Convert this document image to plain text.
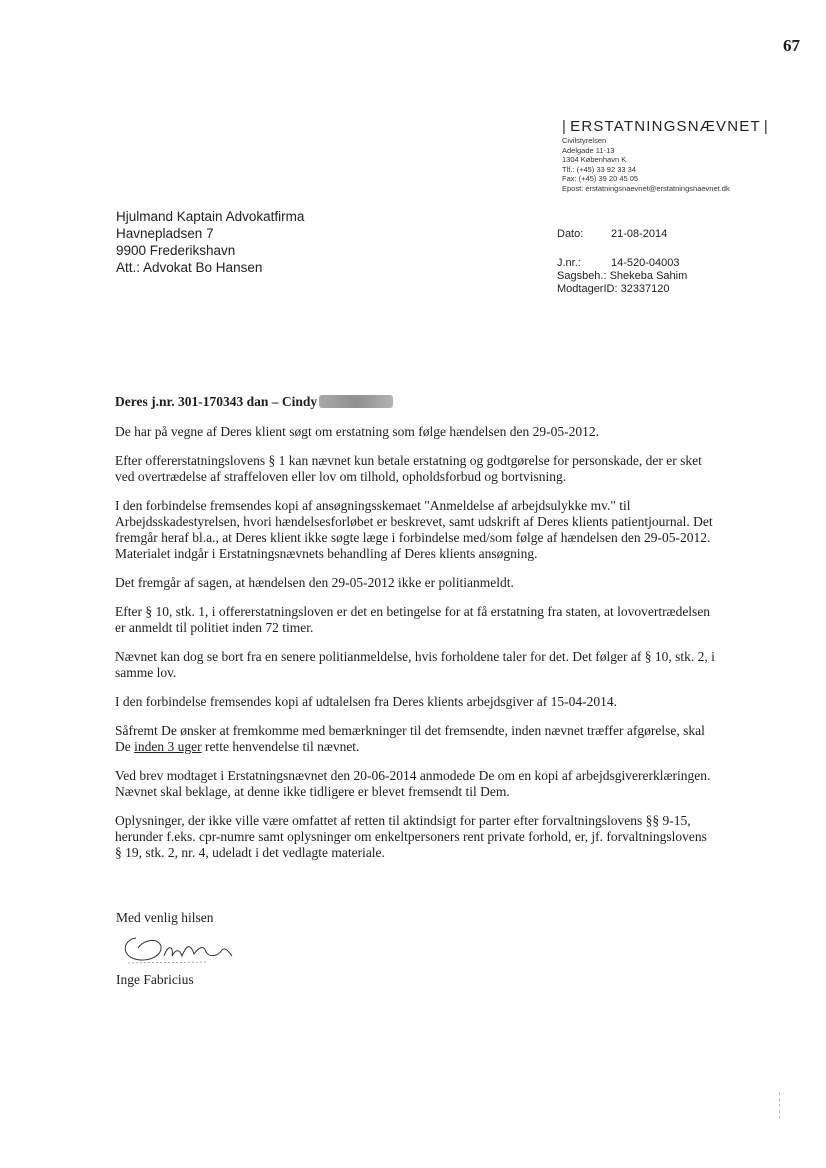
67
| ERSTATNINGSNÆVNET |
Civilstyrelsen
Adelgade 11-13
1304 København K
Tlf.: (+45) 33 92 33 34
Fax: (+45) 39 20 45 05
Epost: erstatningsnaevnet@erstatningsnaevnet.dk
Hjulmand Kaptain Advokatfirma
Havnepladsen 7
9900 Frederikshavn
Att.: Advokat Bo Hansen
Dato:	21-08-2014
J.nr.:	14-520-04003
Sagsbeh.: Shekeba Sahim
ModtagerID: 32337120
Deres j.nr. 301-170343 dan – Cindy

De har på vegne af Deres klient søgt om erstatning som følge hændelsen den 29-05-2012.

Efter offererstatningslovens § 1 kan nævnet kun betale erstatning og godtgørelse for personskade, der er sket ved overtrædelse af straffeloven eller lov om tilhold, opholdsforbud og bortvisning.

I den forbindelse fremsendes kopi af ansøgningsskemaet "Anmeldelse af arbejdsulykke mv." til Arbejdsskadestyrelsen, hvori hændelsesforløbet er beskrevet, samt udskrift af Deres klients patientjournal. Det fremgår heraf bl.a., at Deres klient ikke søgte læge i forbindelse med/som følge af hændelsen den 29-05-2012. Materialet indgår i Erstatningsnævnets behandling af Deres klients ansøgning.

Det fremgår af sagen, at hændelsen den 29-05-2012 ikke er politianmeldt.

Efter § 10, stk. 1, i offererstatningsloven er det en betingelse for at få erstatning fra staten, at lovovertrædelsen er anmeldt til politiet inden 72 timer.

Nævnet kan dog se bort fra en senere politianmeldelse, hvis forholdene taler for det. Det følger af § 10, stk. 2, i samme lov.

I den forbindelse fremsendes kopi af udtalelsen fra Deres klients arbejdsgiver af 15-04-2014.

Såfremt De ønsker at fremkomme med bemærkninger til det fremsendte, inden nævnet træffer afgørelse, skal De inden 3 uger rette henvendelse til nævnet.

Ved brev modtaget i Erstatningsnævnet den 20-06-2014 anmodede De om en kopi af arbejdsgivererklæringen. Nævnet skal beklage, at denne ikke tidligere er blevet fremsendt til Dem.

Oplysninger, der ikke ville være omfattet af retten til aktindsigt for parter efter forvaltningslovens §§ 9-15, herunder f.eks. cpr-numre samt oplysninger om enkeltpersoners rent private forhold, er, jf. forvaltningslovens § 19, stk. 2, nr. 4, udeladt i det vedlagte materiale.

Med venlig hilsen
Inge Fabricius
